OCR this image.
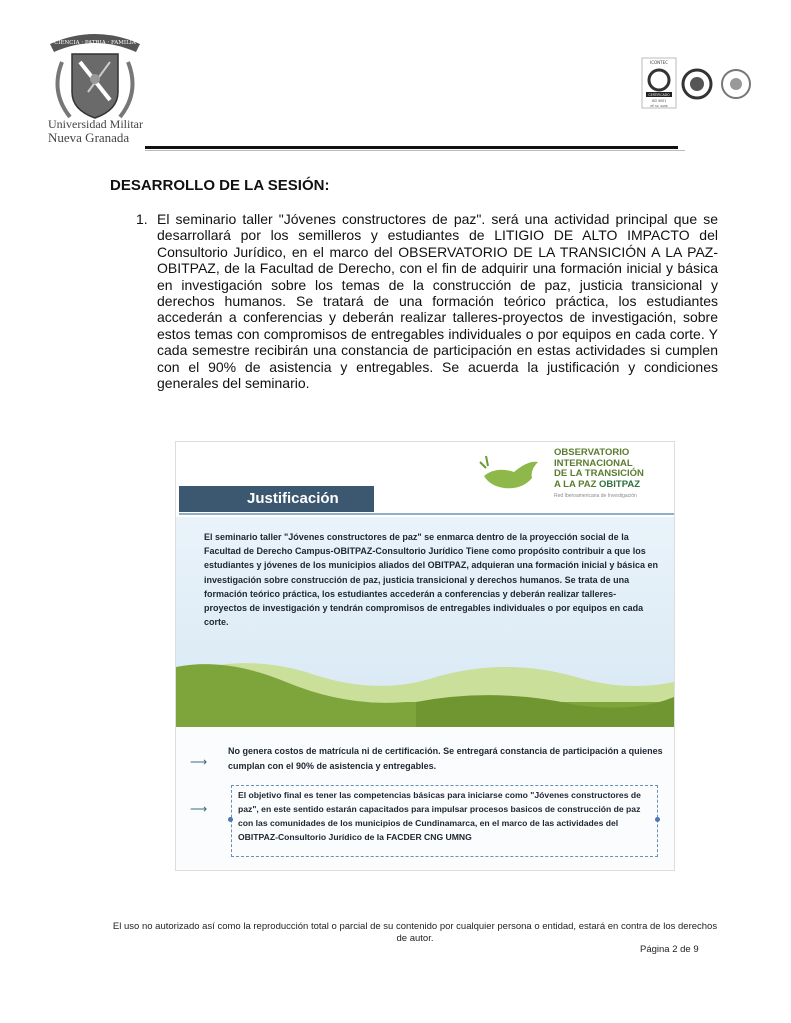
CIENCIA · PATRIA · FAMILIA
Universidad Militar
Nueva Granada
ICONTEC
CERTIFICADO
ISO 9001
Nº SC 4436
DESARROLLO DE LA SESIÓN:
1. El seminario taller "Jóvenes constructores de paz". será una actividad principal que se desarrollará por los semilleros y estudiantes de LITIGIO DE ALTO IMPACTO del Consultorio Jurídico, en el marco del OBSERVATORIO DE LA TRANSICIÓN A LA PAZ-OBITPAZ, de la Facultad de Derecho, con el fin de adquirir una formación inicial y básica en investigación sobre los temas de la construcción de paz, justicia transicional y derechos humanos. Se tratará de una formación teórico práctica, los estudiantes accederán a conferencias y deberán realizar talleres-proyectos de investigación, sobre estos temas con compromisos de entregables individuales o por equipos en cada corte. Y cada semestre recibirán una constancia de participación en estas actividades si cumplen con el 90% de asistencia y entregables. Se acuerda la justificación y condiciones generales del seminario.
OBSERVATORIO
INTERNACIONAL
DE LA TRANSICIÓN
A LA PAZ OBITPAZ
Red Iberoamericana de Investigación
Justificación
El seminario taller "Jóvenes constructores de paz" se enmarca dentro de la proyección social de la Facultad de Derecho Campus-OBITPAZ-Consultorio Jurídico Tiene como propósito contribuir a que los estudiantes y jóvenes de los municipios aliados del OBITPAZ, adquieran una formación inicial y básica en investigación sobre construcción de paz, justicia transicional y derechos humanos. Se trata de una formación teórico práctica, los estudiantes accederán a conferencias y deberán realizar talleres- proyectos de investigación y tendrán compromisos de entregables individuales o por equipos en cada corte.
⟶
No genera costos de matrícula ni de certificación. Se entregará constancia de participación a quienes cumplan con el 90% de asistencia y entregables.
⟶
El objetivo final es tener las competencias básicas para iniciarse como "Jóvenes constructores de paz", en este sentido estarán capacitados para impulsar procesos basicos de construcción de paz con las comunidades de los municipios de Cundinamarca, en el marco de las actividades del OBITPAZ-Consultorio Jurídico de la FACDER CNG UMNG
El uso no autorizado así como la reproducción total o parcial de su contenido por cualquier persona o entidad, estará en contra de los derechos de autor.
Página 2 de 9
